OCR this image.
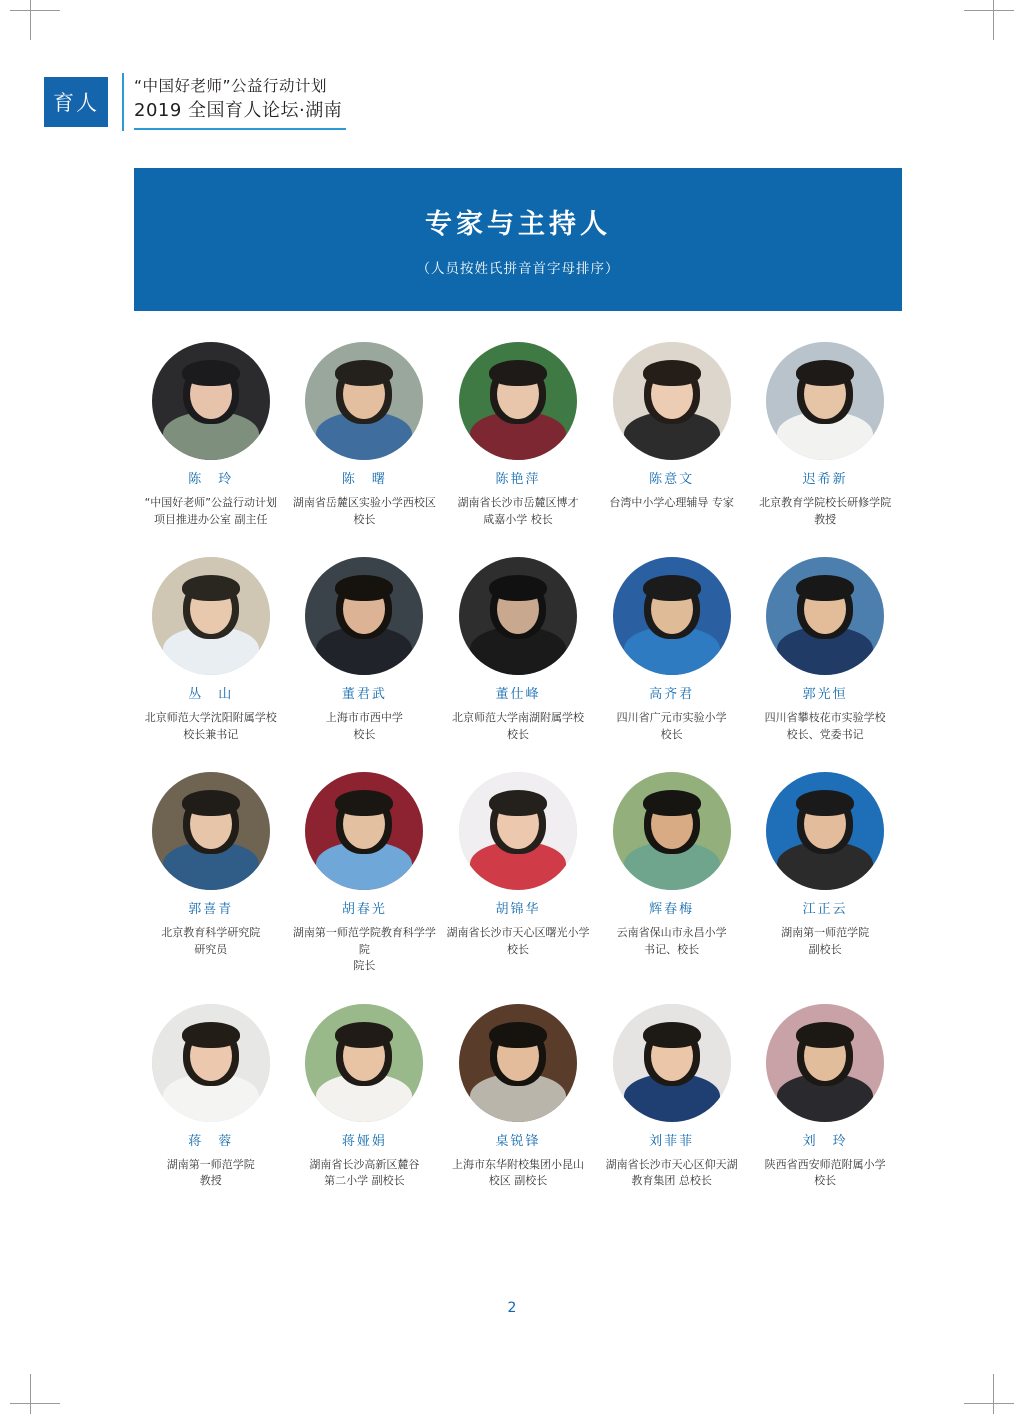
育人
“中国好老师”公益行动计划
2019 全国育人论坛·湖南
专家与主持人
（人员按姓氏拼音首字母排序）
陈　玲
“中国好老师”公益行动计划
项目推进办公室 副主任
陈　曙
湖南省岳麓区实验小学西校区
校长
陈艳萍
湖南省长沙市岳麓区博才
咸嘉小学 校长
陈意文
台湾中小学心理辅导 专家
迟希新
北京教育学院校长研修学院
教授
丛　山
北京师范大学沈阳附属学校
校长兼书记
董君武
上海市市西中学
校长
董仕峰
北京师范大学南湖附属学校
校长
高齐君
四川省广元市实验小学
校长
郭光恒
四川省攀枝花市实验学校
校长、党委书记
郭喜青
北京教育科学研究院
研究员
胡春光
湖南第一师范学院教育科学学院
院长
胡锦华
湖南省长沙市天心区曙光小学
校长
辉春梅
云南省保山市永昌小学
书记、校长
江正云
湖南第一师范学院
副校长
蒋　蓉
湖南第一师范学院
教授
蒋娅娟
湖南省长沙高新区麓谷
第二小学 副校长
桌锐锋
上海市东华附校集团小昆山
校区 副校长
刘菲菲
湖南省长沙市天心区仰天湖
教育集团 总校长
刘　玲
陕西省西安师范附属小学
校长
2
